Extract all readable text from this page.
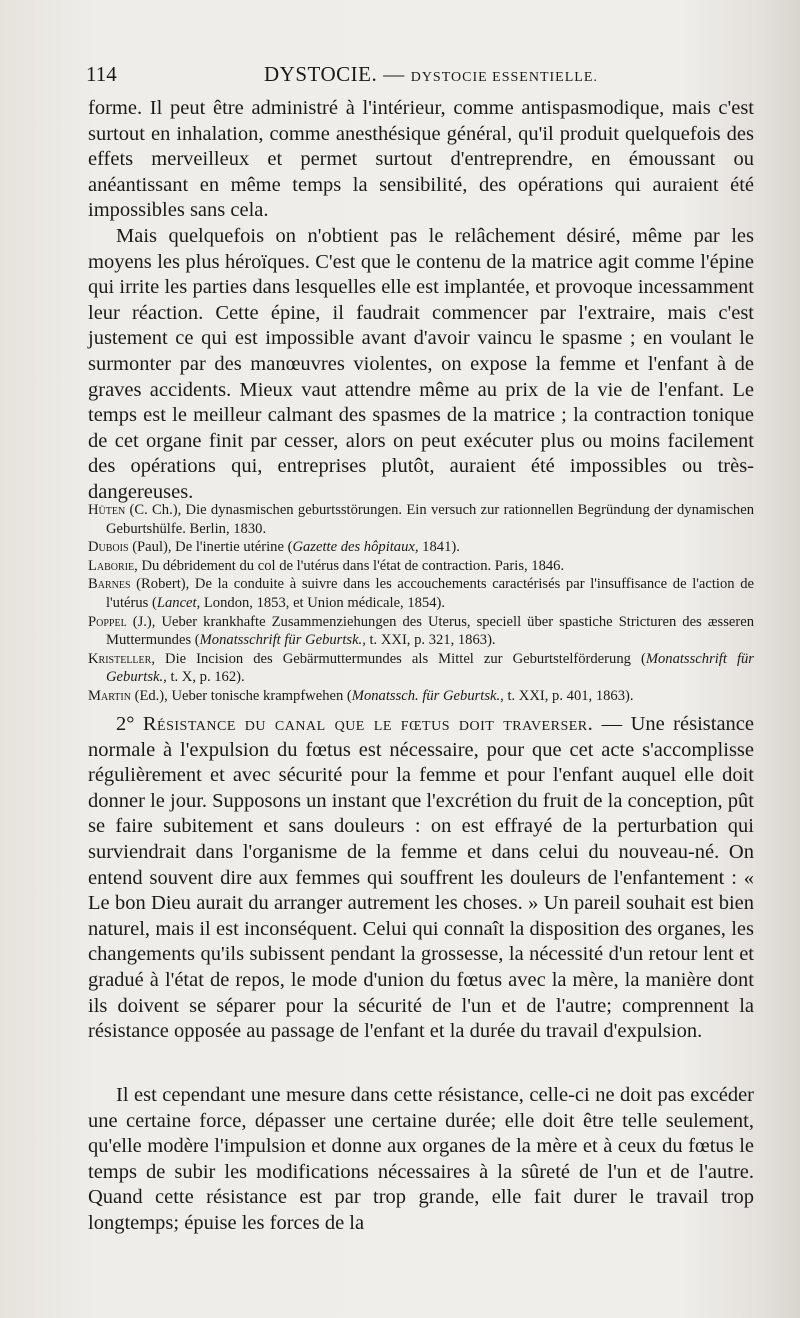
114	DYSTOCIE. — DYSTOCIE ESSENTIELLE.

forme. Il peut être administré à l'intérieur, comme antispasmodique, mais c'est surtout en inhalation, comme anesthésique général, qu'il produit quelquefois des effets merveilleux et permet surtout d'entreprendre, en émoussant ou anéantissant en même temps la sensibilité, des opérations qui auraient été impossibles sans cela.

Mais quelquefois on n'obtient pas le relâchement désiré, même par les moyens les plus héroïques. C'est que le contenu de la matrice agit comme l'épine qui irrite les parties dans lesquelles elle est implantée, et provoque incessamment leur réaction. Cette épine, il faudrait commencer par l'extraire, mais c'est justement ce qui est impossible avant d'avoir vaincu le spasme ; en voulant le surmonter par des manœuvres violentes, on expose la femme et l'enfant à de graves accidents. Mieux vaut attendre même au prix de la vie de l'enfant. Le temps est le meilleur calmant des spasmes de la matrice ; la contraction tonique de cet organe finit par cesser, alors on peut exécuter plus ou moins facilement des opérations qui, entreprises plutôt, auraient été impossibles ou très-dangereuses.

Hüten (C. Ch.), Die dynasmischen geburtsstörungen. Ein versuch zur rationnellen Begründung der dynamischen Geburtshülfe. Berlin, 1830.

Dubois (Paul), De l'inertie utérine (Gazette des hôpitaux, 1841).

Laborie, Du débridement du col de l'utérus dans l'état de contraction. Paris, 1846.

Barnes (Robert), De la conduite à suivre dans les accouchements caractérisés par l'insuffisance de l'action de l'utérus (Lancet, London, 1853, et Union médicale, 1854).

Poppel (J.), Ueber krankhafte Zusammenziehungen des Uterus, speciell über spastiche Stricturen des æsseren Muttermundes (Monatsschrift für Geburtsk., t. XXI, p. 321, 1863).

Kristeller, Die Incision des Gebärmuttermundes als Mittel zur Geburtstelförderung (Monatsschrift für Geburtsk., t. X, p. 162).

Martin (Ed.), Ueber tonische krampfwehen (Monatssch. für Geburtsk., t. XXI, p. 401, 1863).

2° Résistance du canal que le fœtus doit traverser. — Une résistance normale à l'expulsion du fœtus est nécessaire, pour que cet acte s'accomplisse régulièrement et avec sécurité pour la femme et pour l'enfant auquel elle doit donner le jour. Supposons un instant que l'excrétion du fruit de la conception, pût se faire subitement et sans douleurs : on est effrayé de la perturbation qui surviendrait dans l'organisme de la femme et dans celui du nouveau-né. On entend souvent dire aux femmes qui souffrent les douleurs de l'enfantement : « Le bon Dieu aurait du arranger autrement les choses. » Un pareil souhait est bien naturel, mais il est inconséquent. Celui qui connaît la disposition des organes, les changements qu'ils subissent pendant la grossesse, la nécessité d'un retour lent et gradué à l'état de repos, le mode d'union du fœtus avec la mère, la manière dont ils doivent se séparer pour la sécurité de l'un et de l'autre; comprennent la résistance opposée au passage de l'enfant et la durée du travail d'expulsion.

Il est cependant une mesure dans cette résistance, celle-ci ne doit pas excéder une certaine force, dépasser une certaine durée; elle doit être telle seulement, qu'elle modère l'impulsion et donne aux organes de la mère et à ceux du fœtus le temps de subir les modifications nécessaires à la sûreté de l'un et de l'autre. Quand cette résistance est par trop grande, elle fait durer le travail trop longtemps; épuise les forces de la
